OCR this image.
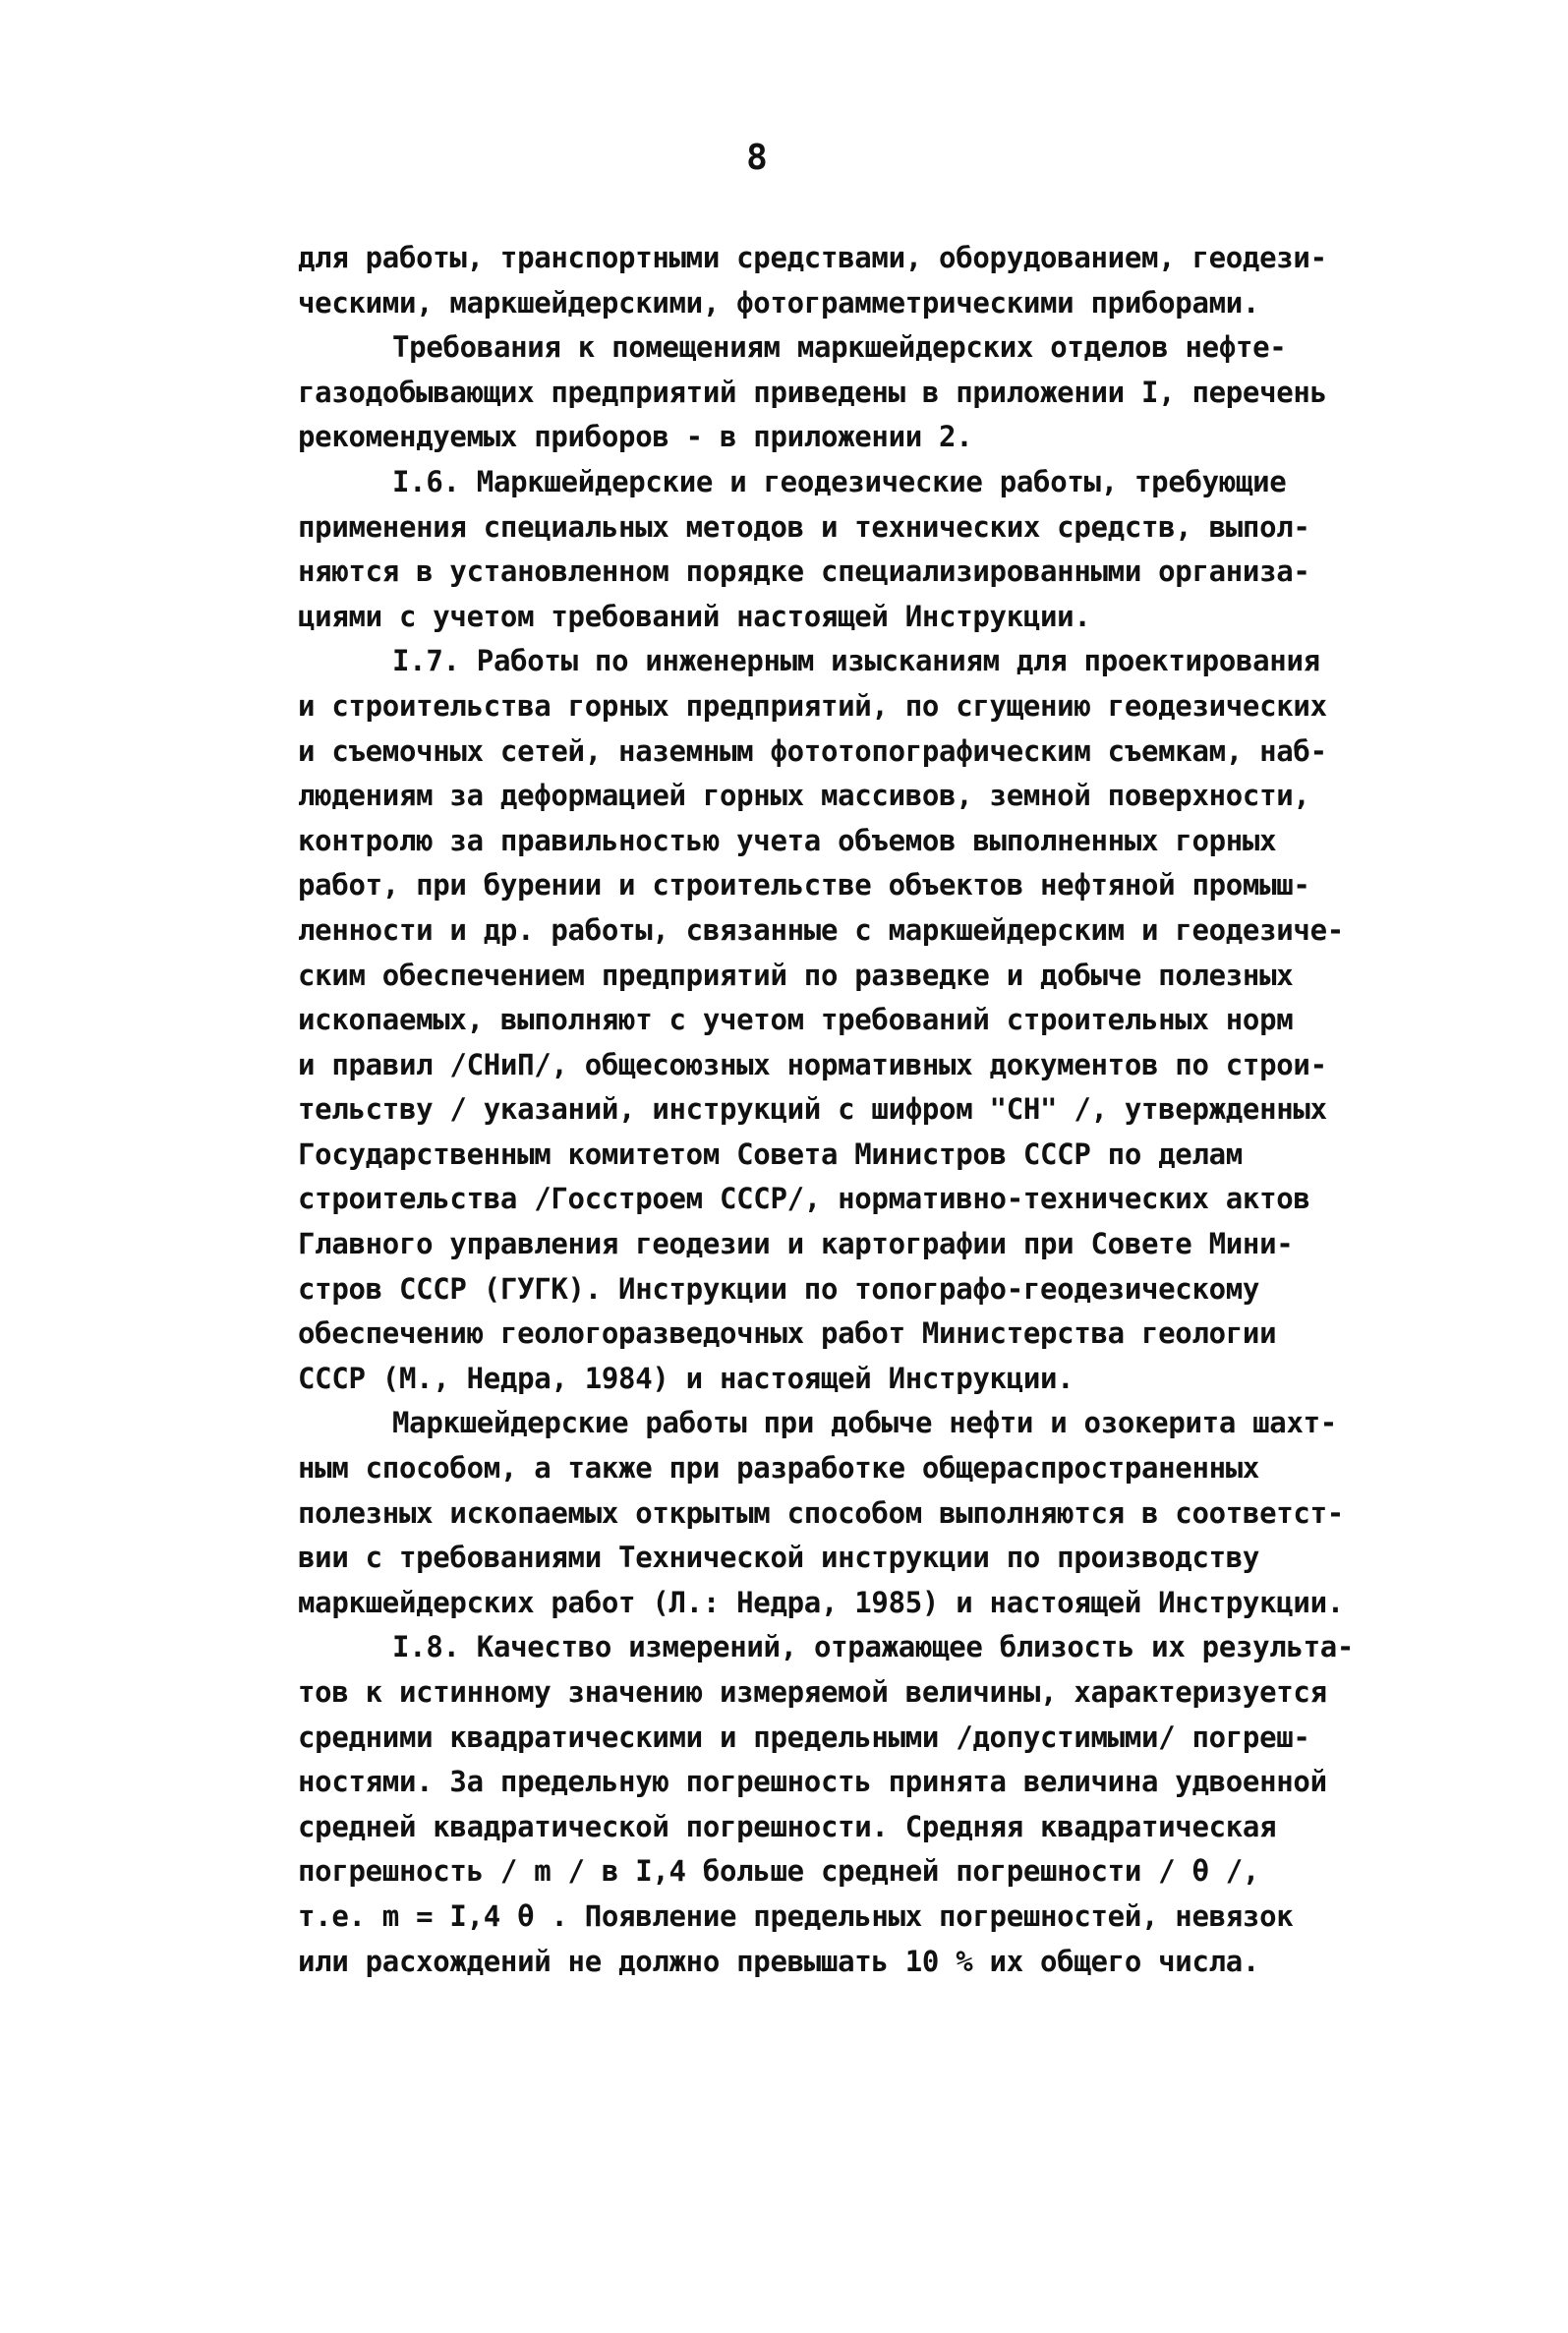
8
для работы, транспортными средствами, оборудованием, геодези-
ческими, маркшейдерскими, фотограмметрическими приборами.
Требования к помещениям маркшейдерских отделов нефте-
газодобывающих предприятий приведены в приложении I, перечень
рекомендуемых приборов - в приложении 2.
I.6. Маркшейдерские и геодезические работы, требующие
применения специальных методов и технических средств, выпол-
няются в установленном порядке специализированными организа-
циями с учетом требований настоящей Инструкции.
I.7. Работы по инженерным изысканиям для проектирования
и строительства горных предприятий, по сгущению геодезических
и съемочных сетей, наземным фототопографическим съемкам, наб-
людениям за деформацией горных массивов, земной поверхности,
контролю за правильностью учета объемов выполненных горных
работ, при бурении и строительстве объектов нефтяной промыш-
ленности и др. работы, связанные с маркшейдерским и геодезиче-
ским обеспечением предприятий по разведке и добыче полезных
ископаемых, выполняют с учетом требований строительных норм
и правил /СНиП/, общесоюзных нормативных документов по строи-
тельству / указаний, инструкций с шифром "СН" /, утвержденных
Государственным комитетом Совета Министров СССР по делам
строительства /Госстроем СССР/, нормативно-технических актов
Главного управления геодезии и картографии при Совете Мини-
стров СССР (ГУГК). Инструкции по топографо-геодезическому
обеспечению геологоразведочных работ Министерства геологии
СССР (М., Недра, 1984) и настоящей Инструкции.
Маркшейдерские работы при добыче нефти и озокерита шахт-
ным способом, а также при разработке общераспространенных
полезных ископаемых открытым способом выполняются в соответст-
вии с требованиями Технической инструкции по производству
маркшейдерских работ (Л.: Недра, 1985) и настоящей Инструкции.
I.8. Качество измерений, отражающее близость их результа-
тов к истинному значению измеряемой величины, характеризуется
средними квадратическими и предельными /допустимыми/ погреш-
ностями. За предельную погрешность принята величина удвоенной
средней квадратической погрешности. Средняя квадратическая
погрешность / m / в I,4 больше средней погрешности / θ /,
т.е. m = I,4 θ . Появление предельных погрешностей, невязок
или расхождений не должно превышать 10 % их общего числа.
